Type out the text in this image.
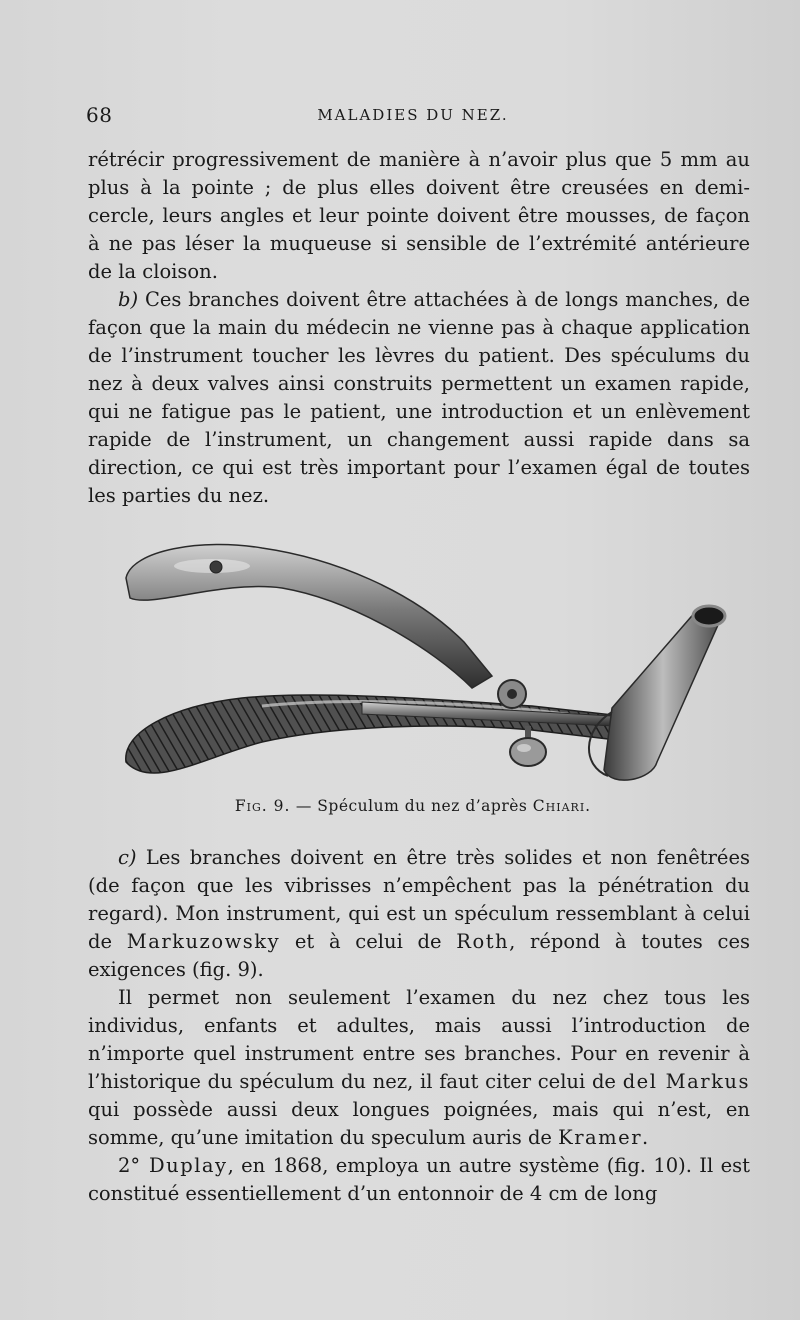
68	MALADIES DU NEZ.

rétrécir progressivement de manière à n’avoir plus que 5 mm au plus à la pointe ; de plus elles doivent être creusées en demi-cercle, leurs angles et leur pointe doivent être mousses, de façon à ne pas léser la muqueuse si sensible de l’extrémité antérieure de la cloison.

b) Ces branches doivent être attachées à de longs manches, de façon que la main du médecin ne vienne pas à chaque application de l’instrument toucher les lèvres du patient. Des spéculums du nez à deux valves ainsi construits permettent un examen rapide, qui ne fatigue pas le patient, une introduction et un enlèvement rapide de l’instrument, un changement aussi rapide dans sa direction, ce qui est très important pour l’examen égal de toutes les parties du nez.

Fig. 9. — Spéculum du nez d’après Chiari.

c) Les branches doivent en être très solides et non fenêtrées (de façon que les vibrisses n’empêchent pas la pénétration du regard). Mon instrument, qui est un spéculum ressemblant à celui de Markuzowsky et à celui de Roth, répond à toutes ces exigences (fig. 9).

Il permet non seulement l’examen du nez chez tous les individus, enfants et adultes, mais aussi l’introduction de n’importe quel instrument entre ses branches. Pour en revenir à l’historique du spéculum du nez, il faut citer celui de del Markus qui possède aussi deux longues poignées, mais qui n’est, en somme, qu’une imitation du speculum auris de Kramer.

2° Duplay, en 1868, employa un autre système (fig. 10). Il est constitué essentiellement d’un entonnoir de 4 cm de long
